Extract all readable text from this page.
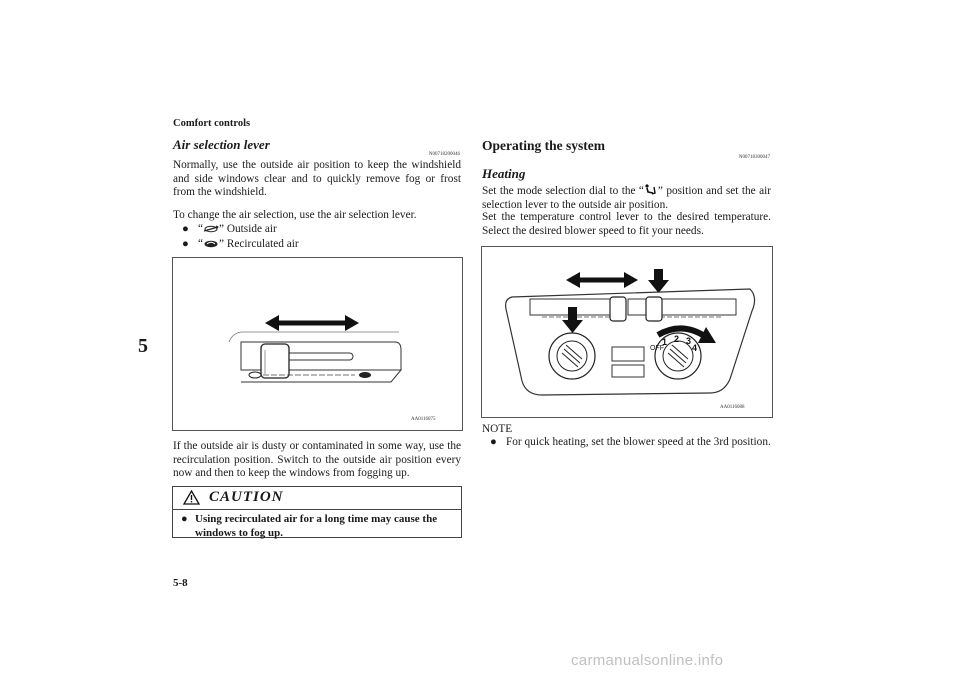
Comfort controls
5
Air selection lever
N00718200046
Normally, use the outside air position to keep the windshield and side windows clear and to quickly remove fog or frost from the windshield.
To change the air selection, use the air selection lever.
● “ ” Outside air
● “ ” Recirculated air
AA0116075
If the outside air is dusty or contaminated in some way, use the recirculation position. Switch to the outside air position every now and then to keep the windows from fogging up.
CAUTION
● Using recirculated air for a long time may cause the windows to fog up.
Operating the system
N00718300047
Heating
Set the mode selection dial to the “ ” position and set the air selection lever to the outside air position.
Set the temperature control lever to the desired temperature. Select the desired blower speed to fit your needs.
OFF
1 2 3
4
AA0116088
NOTE
● For quick heating, set the blower speed at the 3rd position.
5-8
carmanualsonline.info
